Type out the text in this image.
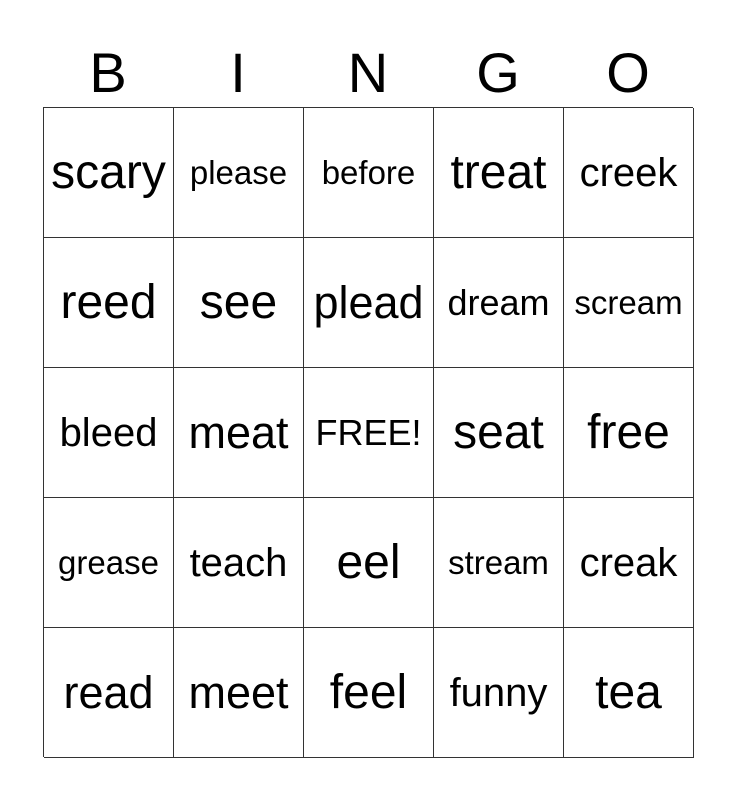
B	I	N	G	O
scary please	before treat creek
reed see plead dream scream
bleed meat FREE! seat free
grease teach	eel	stream creak
read meet feel	funny tea
